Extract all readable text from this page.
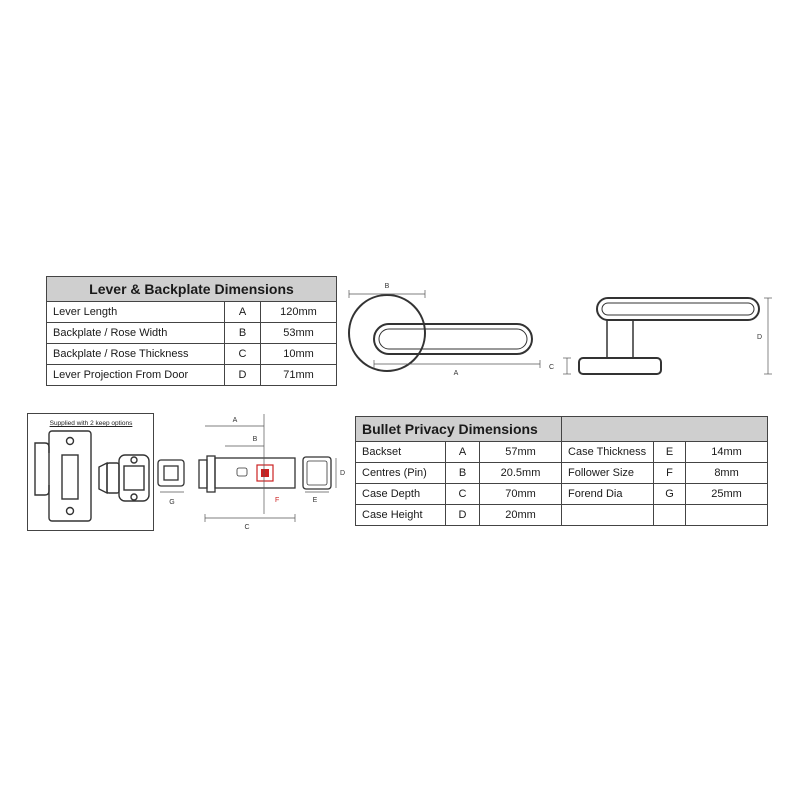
Lever & Backplate Dimensions		
Lever Length	A	120mm
Backplate / Rose Width	B	53mm
Backplate / Rose Thickness	C	10mm
Lever Projection From Door	D	71mm
B
A
D
C
Supplied with 2 keep options	A
B
C
D
E
F
G
Bullet Privacy Dimensions					
Backset	A	57mm	Case Thickness	E	14mm
Centres (Pin)	B	20.5mm	Follower Size	F	8mm
Case Depth	C	70mm	Forend Dia	G	25mm
Case Height	D	20mm			
